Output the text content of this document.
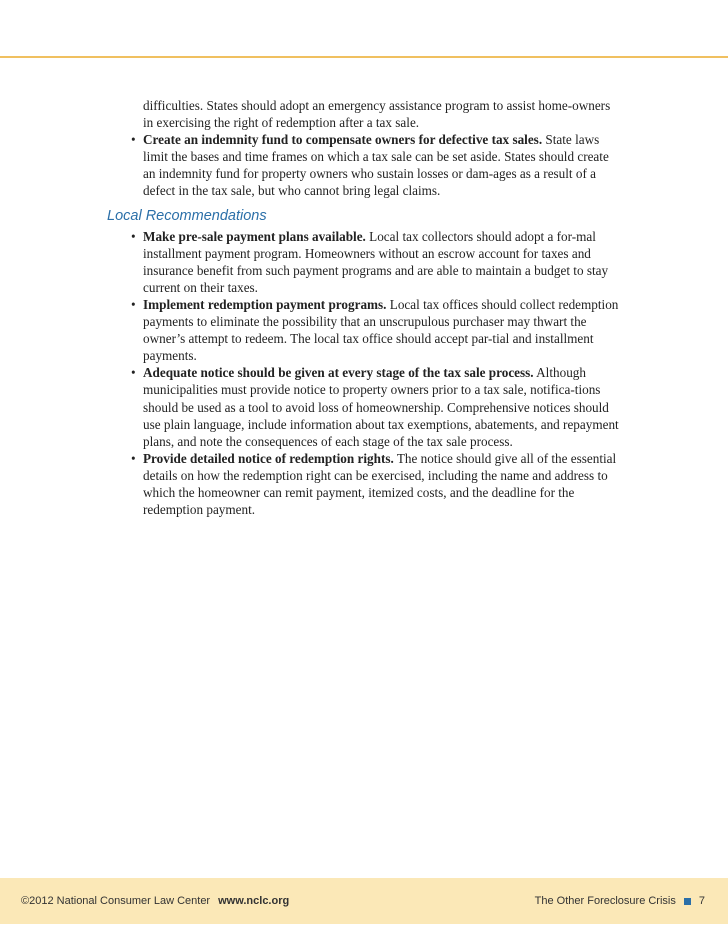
difficulties. States should adopt an emergency assistance program to assist home-owners in exercising the right of redemption after a tax sale.

• Create an indemnity fund to compensate owners for defective tax sales. State laws limit the bases and time frames on which a tax sale can be set aside. States should create an indemnity fund for property owners who sustain losses or dam-ages as a result of a defect in the tax sale, but who cannot bring legal claims.
Local Recommendations
• Make pre-sale payment plans available. Local tax collectors should adopt a for-mal installment payment program. Homeowners without an escrow account for taxes and insurance benefit from such payment programs and are able to maintain a budget to stay current on their taxes.
• Implement redemption payment programs. Local tax offices should collect redemption payments to eliminate the possibility that an unscrupulous purchaser may thwart the owner’s attempt to redeem. The local tax office should accept par-tial and installment payments.
• Adequate notice should be given at every stage of the tax sale process. Although municipalities must provide notice to property owners prior to a tax sale, notifica-tions should be used as a tool to avoid loss of homeownership. Comprehensive notices should use plain language, include information about tax exemptions, abatements, and repayment plans, and note the consequences of each stage of the tax sale process.
• Provide detailed notice of redemption rights. The notice should give all of the essential details on how the redemption right can be exercised, including the name and address to which the homeowner can remit payment, itemized costs, and the deadline for the redemption payment.
©2012 National Consumer Law Center www.nclc.org	The Other Foreclosure Crisis 7
